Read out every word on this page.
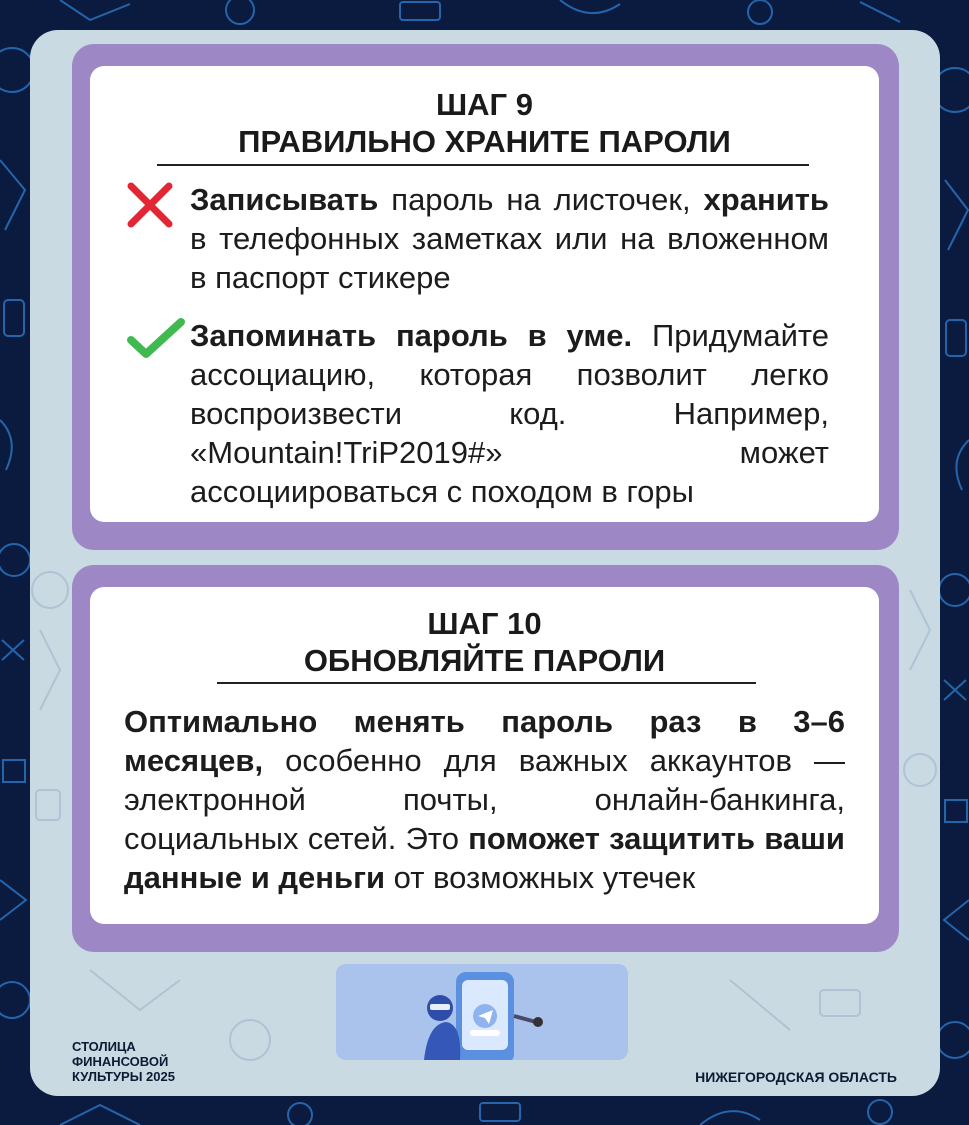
ШАГ 9
ПРАВИЛЬНО ХРАНИТЕ ПАРОЛИ
Записывать пароль на листочек, хранить в телефонных заметках или на вложенном в паспорт стикере
Запоминать пароль в уме. Придумайте ассоциацию, которая позволит легко воспроизвести код. Например, «Mountain!TriP2019#» может ассоциироваться с походом в горы
ШАГ 10
ОБНОВЛЯЙТЕ ПАРОЛИ
Оптимально менять пароль раз в 3–6 месяцев, особенно для важных аккаунтов — электронной почты, онлайн-банкинга, социальных сетей. Это поможет защитить ваши данные и деньги от возможных утечек
СТОЛИЦА
ФИНАНСОВОЙ
КУЛЬТУРЫ 2025	НИЖЕГОРОДСКАЯ ОБЛАСТЬ
